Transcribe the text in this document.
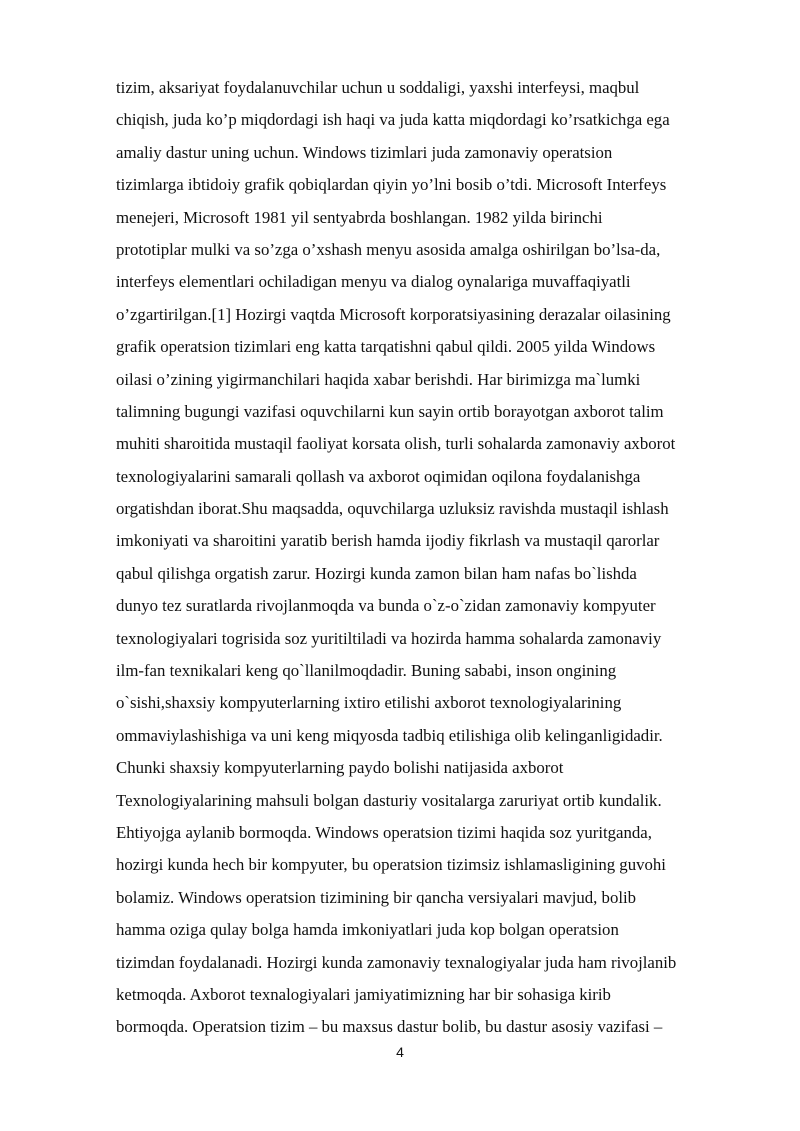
tizim, aksariyat foydalanuvchilar uchun u soddaligi, yaxshi interfeysi, maqbul
chiqish, juda ko’p miqdordagi ish haqi va juda katta miqdordagi ko’rsatkichga ega
amaliy dastur uning uchun. Windows tizimlari juda zamonaviy operatsion
tizimlarga ibtidoiy grafik qobiqlardan qiyin yo’lni bosib o’tdi. Microsoft Interfeys
menejeri, Microsoft 1981 yil sentyabrda boshlangan. 1982 yilda birinchi
prototiplar mulki va so’zga o’xshash menyu asosida amalga oshirilgan bo’lsa-da,
interfeys elementlari ochiladigan menyu va dialog oynalariga muvaffaqiyatli
o’zgartirilgan.[1] Hozirgi vaqtda Microsoft korporatsiyasining derazalar oilasining
grafik operatsion tizimlari eng katta tarqatishni qabul qildi. 2005 yilda Windows
oilasi o’zining yigirmanchilari haqida xabar berishdi. Har birimizga ma`lumki
talimning bugungi vazifasi oquvchilarni kun sayin ortib borayotgan axborot talim
muhiti sharoitida mustaqil faoliyat korsata olish, turli sohalarda zamonaviy axborot
texnologiyalarini samarali qollash va axborot oqimidan oqilona foydalanishga
orgatishdan iborat.Shu maqsadda, oquvchilarga uzluksiz ravishda mustaqil ishlash
imkoniyati va sharoitini yaratib berish hamda ijodiy fikrlash va mustaqil qarorlar
qabul qilishga orgatish zarur. Hozirgi kunda zamon bilan ham nafas bo`lishda
dunyo tez suratlarda rivojlanmoqda va bunda o`z-o`zidan zamonaviy kompyuter
texnologiyalari togrisida soz yuritiltiladi va hozirda hamma sohalarda zamonaviy
ilm-fan texnikalari keng qo`llanilmoqdadir. Buning sababi, inson ongining
o`sishi,shaxsiy kompyuterlarning ixtiro etilishi axborot texnologiyalarining
ommaviylashishiga va uni keng miqyosda tadbiq etilishiga olib kelinganligidadir.
Chunki shaxsiy kompyuterlarning paydo bolishi natijasida axborot
Texnologiyalarining mahsuli bolgan dasturiy vositalarga zaruriyat ortib kundalik.
Ehtiyojga aylanib bormoqda. Windows operatsion tizimi haqida soz yuritganda,
hozirgi kunda hech bir kompyuter, bu operatsion tizimsiz ishlamasligining guvohi
bolamiz. Windows operatsion tizimining bir qancha versiyalari mavjud, bolib
hamma oziga qulay bolga hamda imkoniyatlari juda kop bolgan operatsion
tizimdan foydalanadi. Hozirgi kunda zamonaviy texnalogiyalar juda ham rivojlanib
ketmoqda. Axborot texnalogiyalari jamiyatimizning har bir sohasiga kirib
bormoqda. Operatsion tizim – bu maxsus dastur bolib, bu dastur asosiy vazifasi –
4
